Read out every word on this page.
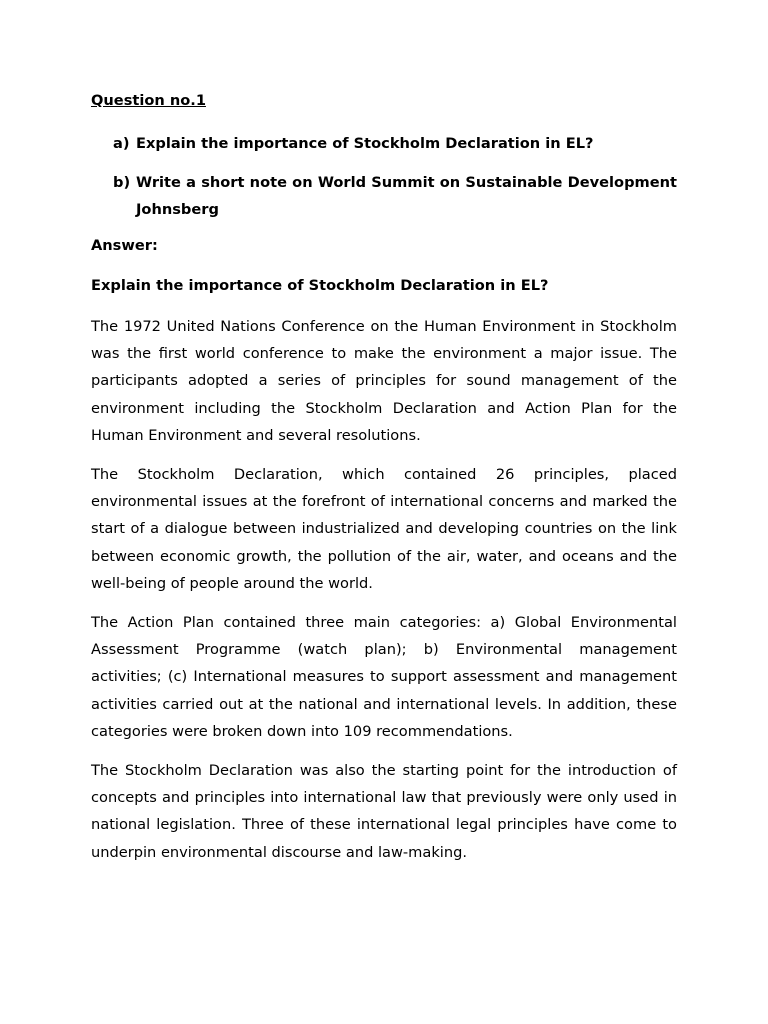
Question no.1
a) Explain the importance of Stockholm Declaration in EL?
b) Write a short note on World Summit on Sustainable Development Johnsberg
Answer:
Explain the importance of Stockholm Declaration in EL?

The 1972 United Nations Conference on the Human Environment in Stockholm was the first world conference to make the environment a major issue. The participants adopted a series of principles for sound management of the environment including the Stockholm Declaration and Action Plan for the Human Environment and several resolutions.

The Stockholm Declaration, which contained 26 principles, placed environmental issues at the forefront of international concerns and marked the start of a dialogue between industrialized and developing countries on the link between economic growth, the pollution of the air, water, and oceans and the well-being of people around the world.

The Action Plan contained three main categories: a) Global Environmental Assessment Programme (watch plan); b) Environmental management activities; (c) International measures to support assessment and management activities carried out at the national and international levels. In addition, these categories were broken down into 109 recommendations.

The Stockholm Declaration was also the starting point for the introduction of concepts and principles into international law that previously were only used in national legislation. Three of these international legal principles have come to underpin environmental discourse and law-making.
